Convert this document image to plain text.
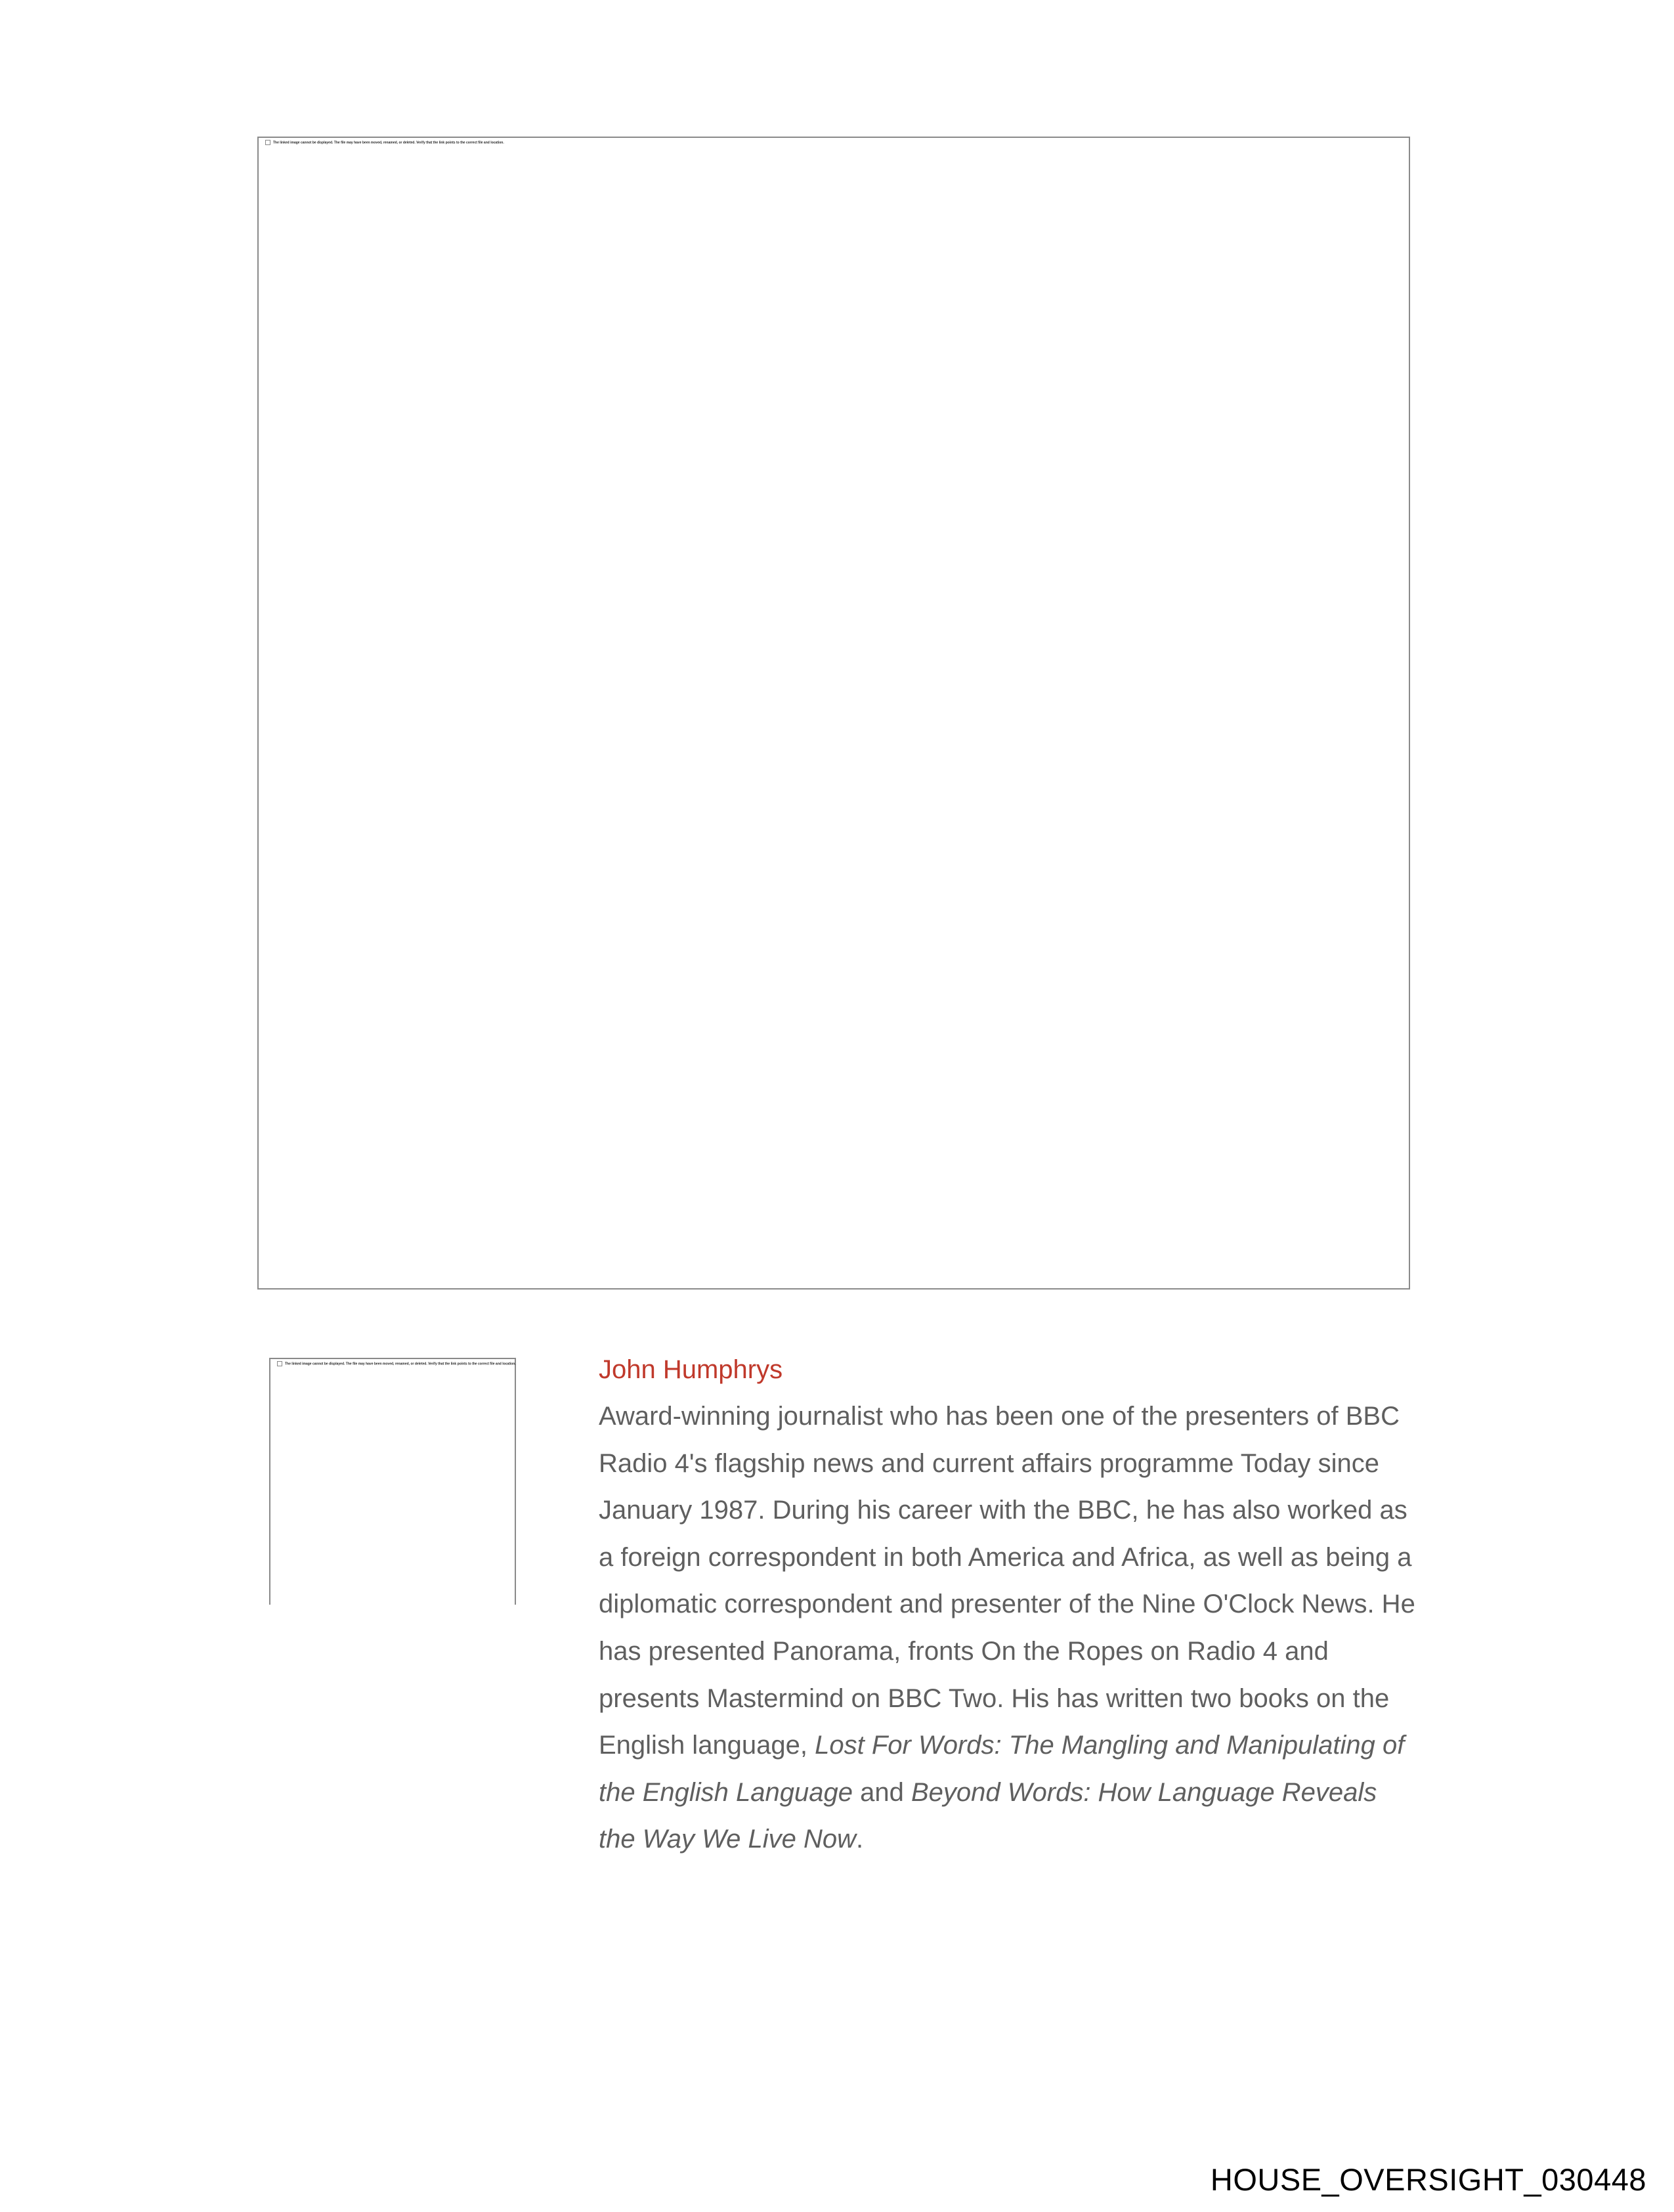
The linked image cannot be displayed. The file may have been moved, renamed, or deleted. Verify that the link points to the correct file and location.
The linked image cannot be displayed. The file may have been moved, renamed, or deleted. Verify that the link points to the correct file and location.	John Humphrys

Award-winning journalist who has been one of the presenters of BBC Radio 4's flagship news and current affairs programme Today since January 1987. During his career with the BBC, he has also worked as a foreign correspondent in both America and Africa, as well as being a diplomatic correspondent and presenter of the Nine O'Clock News. He has presented Panorama, fronts On the Ropes on Radio 4 and presents Mastermind on BBC Two. His has written two books on the English language, Lost For Words: The Mangling and Manipulating of the English Language and Beyond Words: How Language Reveals the Way We Live Now.

HOUSE_OVERSIGHT_030448
